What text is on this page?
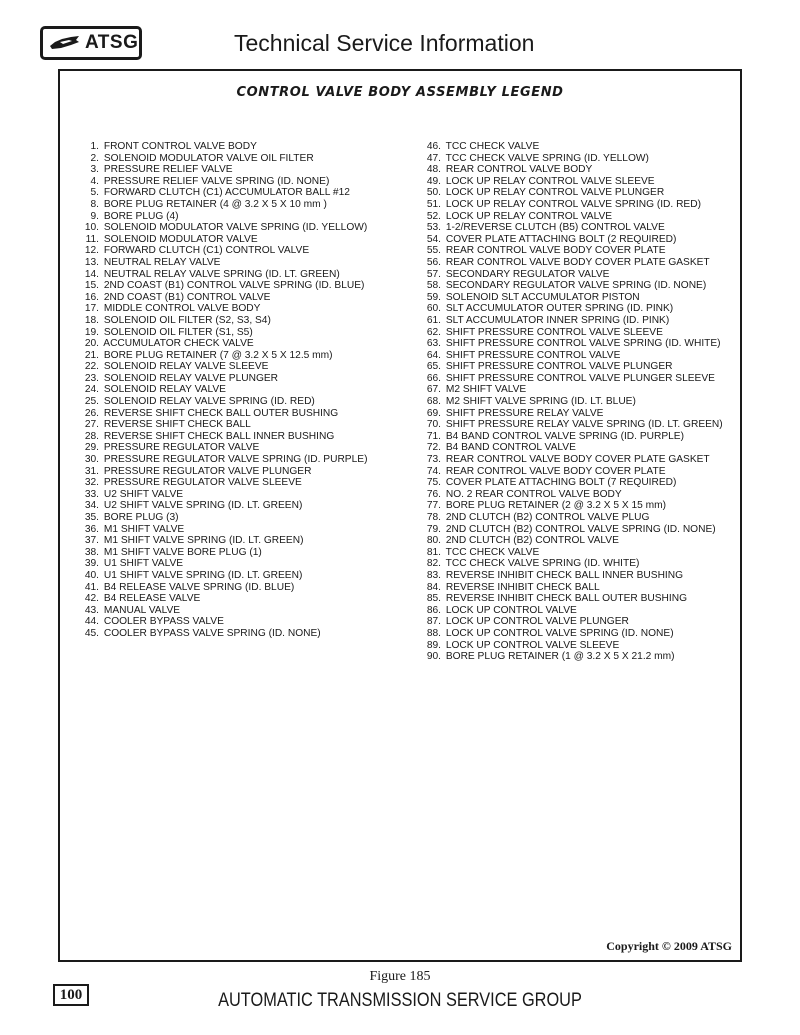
ATSG	Technical Service Information
CONTROL VALVE BODY ASSEMBLY LEGEND
1. FRONT CONTROL VALVE BODY
2. SOLENOID MODULATOR VALVE OIL FILTER
3. PRESSURE RELIEF VALVE
4. PRESSURE RELIEF VALVE SPRING (ID. NONE)
5. FORWARD CLUTCH (C1) ACCUMULATOR BALL #12
8. BORE PLUG RETAINER (4 @ 3.2 X 5 X 10 mm )
9. BORE PLUG (4)
10. SOLENOID MODULATOR VALVE SPRING (ID. YELLOW)
11. SOLENOID MODULATOR VALVE
12. FORWARD CLUTCH (C1) CONTROL VALVE
13. NEUTRAL RELAY VALVE
14. NEUTRAL RELAY VALVE SPRING (ID. LT. GREEN)
15. 2ND COAST (B1) CONTROL VALVE SPRING (ID. BLUE)
16. 2ND COAST (B1) CONTROL VALVE
17. MIDDLE CONTROL VALVE BODY
18. SOLENOID OIL FILTER (S2, S3, S4)
19. SOLENOID OIL FILTER (S1, S5)
20. ACCUMULATOR CHECK VALVE
21. BORE PLUG RETAINER (7 @ 3.2 X 5 X 12.5 mm)
22. SOLENOID RELAY VALVE SLEEVE
23. SOLENOID RELAY VALVE PLUNGER
24. SOLENOID RELAY VALVE
25. SOLENOID RELAY VALVE SPRING (ID. RED)
26. REVERSE SHIFT CHECK BALL OUTER BUSHING
27. REVERSE SHIFT CHECK BALL
28. REVERSE SHIFT CHECK BALL INNER BUSHING
29. PRESSURE REGULATOR VALVE
30. PRESSURE REGULATOR VALVE SPRING (ID. PURPLE)
31. PRESSURE REGULATOR VALVE PLUNGER
32. PRESSURE REGULATOR VALVE SLEEVE
33. U2 SHIFT VALVE
34. U2 SHIFT VALVE SPRING (ID. LT. GREEN)
35. BORE PLUG (3)
36. M1 SHIFT VALVE
37. M1 SHIFT VALVE SPRING (ID. LT. GREEN)
38. M1 SHIFT VALVE BORE PLUG (1)
39. U1 SHIFT VALVE
40. U1 SHIFT VALVE SPRING (ID. LT. GREEN)
41. B4 RELEASE VALVE SPRING (ID. BLUE)
42. B4 RELEASE VALVE
43. MANUAL VALVE
44. COOLER BYPASS VALVE
45. COOLER BYPASS VALVE SPRING (ID. NONE)
46. TCC CHECK VALVE
47. TCC CHECK VALVE SPRING (ID. YELLOW)
48. REAR CONTROL VALVE BODY
49. LOCK UP RELAY CONTROL VALVE SLEEVE
50. LOCK UP RELAY CONTROL VALVE PLUNGER
51. LOCK UP RELAY CONTROL VALVE SPRING (ID. RED)
52. LOCK UP RELAY CONTROL VALVE
53. 1-2/REVERSE CLUTCH (B5) CONTROL VALVE
54. COVER PLATE ATTACHING BOLT (2 REQUIRED)
55. REAR CONTROL VALVE BODY COVER PLATE
56. REAR CONTROL VALVE BODY COVER PLATE GASKET
57. SECONDARY REGULATOR VALVE
58. SECONDARY REGULATOR VALVE SPRING (ID. NONE)
59. SOLENOID SLT ACCUMULATOR PISTON
60. SLT ACCUMULATOR OUTER SPRING (ID. PINK)
61. SLT ACCUMULATOR INNER SPRING (ID. PINK)
62. SHIFT PRESSURE CONTROL VALVE SLEEVE
63. SHIFT PRESSURE CONTROL VALVE SPRING (ID. WHITE)
64. SHIFT PRESSURE CONTROL VALVE
65. SHIFT PRESSURE CONTROL VALVE PLUNGER
66. SHIFT PRESSURE CONTROL VALVE PLUNGER SLEEVE
67. M2 SHIFT VALVE
68. M2 SHIFT VALVE SPRING (ID. LT. BLUE)
69. SHIFT PRESSURE RELAY VALVE
70. SHIFT PRESSURE RELAY VALVE SPRING (ID. LT. GREEN)
71. B4 BAND CONTROL VALVE SPRING (ID. PURPLE)
72. B4 BAND CONTROL VALVE
73. REAR CONTROL VALVE BODY COVER PLATE GASKET
74. REAR CONTROL VALVE BODY COVER PLATE
75. COVER PLATE ATTACHING BOLT (7 REQUIRED)
76. NO. 2 REAR CONTROL VALVE BODY
77. BORE PLUG RETAINER (2 @ 3.2 X 5 X 15 mm)
78. 2ND CLUTCH (B2) CONTROL VALVE PLUG
79. 2ND CLUTCH (B2) CONTROL VALVE SPRING (ID. NONE)
80. 2ND CLUTCH (B2) CONTROL VALVE
81. TCC CHECK VALVE
82. TCC CHECK VALVE SPRING (ID. WHITE)
83. REVERSE INHIBIT CHECK BALL INNER BUSHING
84. REVERSE INHIBIT CHECK BALL
85. REVERSE INHIBIT CHECK BALL OUTER BUSHING
86. LOCK UP CONTROL VALVE
87. LOCK UP CONTROL VALVE PLUNGER
88. LOCK UP CONTROL VALVE SPRING (ID. NONE)
89. LOCK UP CONTROL VALVE SLEEVE
90. BORE PLUG RETAINER (1 @ 3.2 X 5 X 21.2 mm)
Copyright © 2009 ATSG
Figure 185
100	AUTOMATIC TRANSMISSION SERVICE GROUP
